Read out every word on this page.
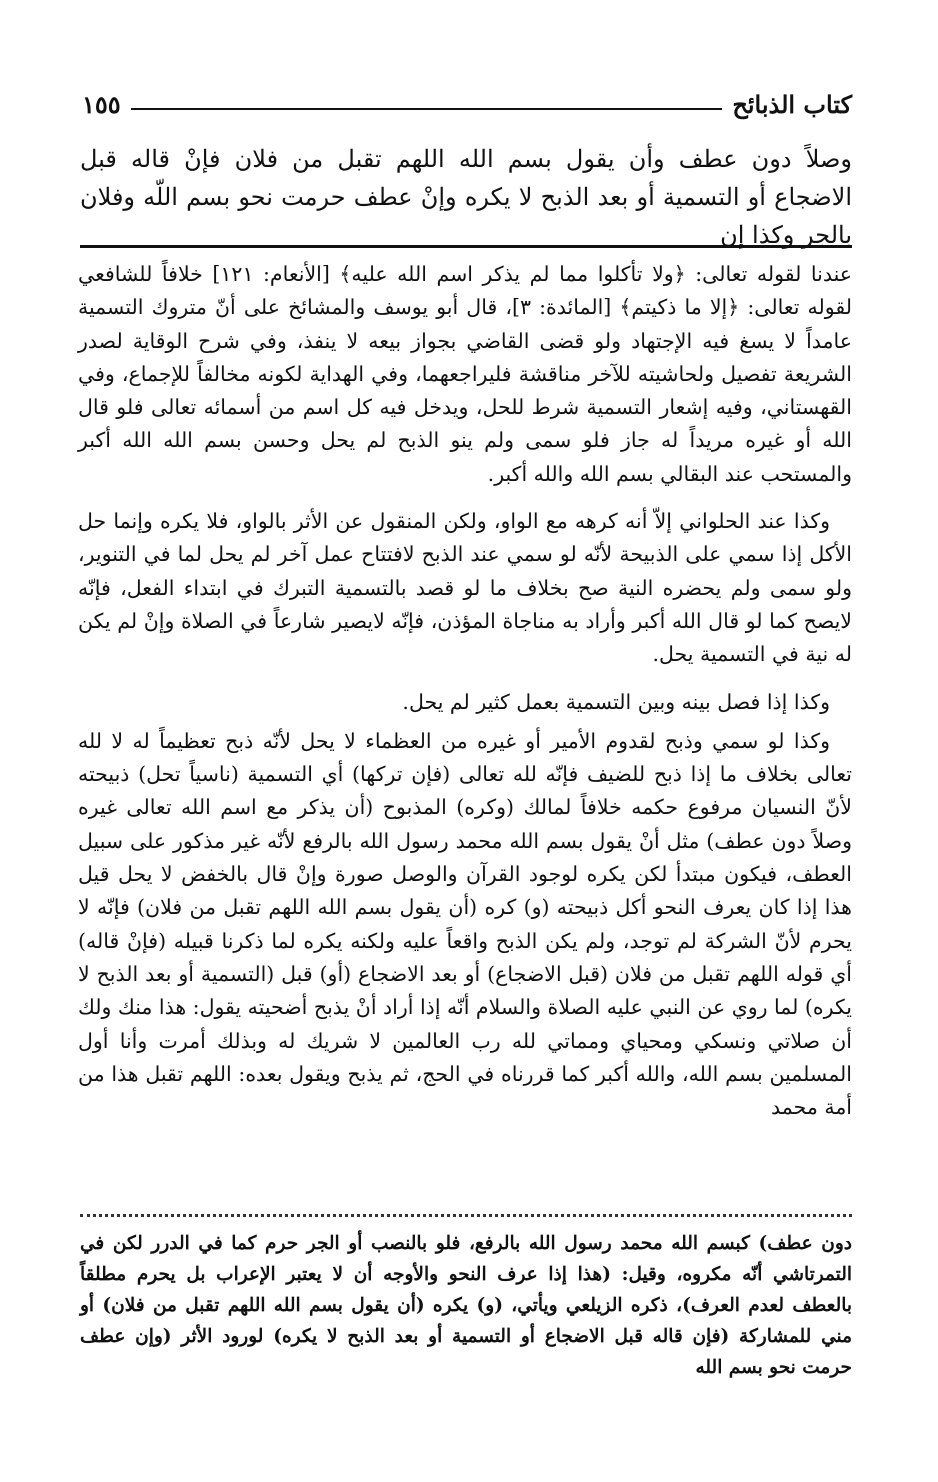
كتاب الذبائح
١٥٥
وصلاً دون عطف وأن يقول بسم الله اللهم تقبل من فلان فإنْ قاله قبل الاضجاع أو التسمية أو بعد الذبح لا يكره وإنْ عطف حرمت نحو بسم اللّه وفلان بالجر وكذا إن

عندنا لقوله تعالى: ﴿ولا تأكلوا مما لم يذكر اسم الله عليه﴾ [الأنعام: ١٢١] خلافاً للشافعي لقوله تعالى: ﴿إلا ما ذكيتم﴾ [المائدة: ٣]، قال أبو يوسف والمشائخ على أنّ متروك التسمية عامداً لا يسغ فيه الإجتهاد ولو قضى القاضي بجواز بيعه لا ينفذ، وفي شرح الوقاية لصدر الشريعة تفصيل ولحاشيته للآخر مناقشة فليراجعهما، وفي الهداية لكونه مخالفاً للإجماع، وفي القهستاني، وفيه إشعار التسمية شرط للحل، ويدخل فيه كل اسم من أسمائه تعالى فلو قال الله أو غيره مريداً له جاز فلو سمى ولم ينو الذبح لم يحل وحسن بسم الله الله أكبر والمستحب عند البقالي بسم الله والله أكبر.

وكذا عند الحلواني إلاّ أنه كرهه مع الواو، ولكن المنقول عن الأثر بالواو، فلا يكره وإنما حل الأكل إذا سمي على الذبيحة لأنّه لو سمي عند الذبح لافتتاح عمل آخر لم يحل لما في التنوير، ولو سمى ولم يحضره النية صح بخلاف ما لو قصد بالتسمية التبرك في ابتداء الفعل، فإنّه لايصح كما لو قال الله أكبر وأراد به مناجاة المؤذن، فإنّه لايصير شارعاً في الصلاة وإنْ لم يكن له نية في التسمية يحل.

وكذا إذا فصل بينه وبين التسمية بعمل كثير لم يحل.

وكذا لو سمي وذبح لقدوم الأمير أو غيره من العظماء لا يحل لأنّه ذبح تعظيماً له لا لله تعالى بخلاف ما إذا ذبح للضيف فإنّه لله تعالى (فإن تركها) أي التسمية (ناسياً تحل) ذبيحته لأنّ النسيان مرفوع حكمه خلافاً لمالك (وكره) المذبوح (أن يذكر مع اسم الله تعالى غيره وصلاً دون عطف) مثل أنْ يقول بسم الله محمد رسول الله بالرفع لأنّه غير مذكور على سبيل العطف، فيكون مبتدأ لكن يكره لوجود القرآن والوصل صورة وإنْ قال بالخفض لا يحل قيل هذا إذا كان يعرف النحو أكل ذبيحته (و) كره (أن يقول بسم الله اللهم تقبل من فلان) فإنّه لا يحرم لأنّ الشركة لم توجد، ولم يكن الذبح واقعاً عليه ولكنه يكره لما ذكرنا قبيله (فإنْ قاله) أي قوله اللهم تقبل من فلان (قبل الاضجاع) أو بعد الاضجاع (أو) قبل (التسمية أو بعد الذبح لا يكره) لما روي عن النبي عليه الصلاة والسلام أنّه إذا أراد أنْ يذبح أضحيته يقول: هذا منك ولك أن صلاتي ونسكي ومحياي ومماتي لله رب العالمين لا شريك له وبذلك أمرت وأنا أول المسلمين بسم الله، والله أكبر كما قررناه في الحج، ثم يذبح ويقول بعده: اللهم تقبل هذا من أمة محمد

دون عطف) كبسم الله محمد رسول الله بالرفع، فلو بالنصب أو الجر حرم كما في الدرر لكن في التمرتاشي أنّه مكروه، وقيل: (هذا إذا عرف النحو والأوجه أن لا يعتبر الإعراب بل يحرم مطلقاً بالعطف لعدم العرف)، ذكره الزيلعي ويأتي، (و) يكره (أن يقول بسم الله اللهم تقبل من فلان) أو مني للمشاركة (فإن قاله قبل الاضجاع أو التسمية أو بعد الذبح لا يكره) لورود الأثر (وإن عطف حرمت نحو بسم الله
